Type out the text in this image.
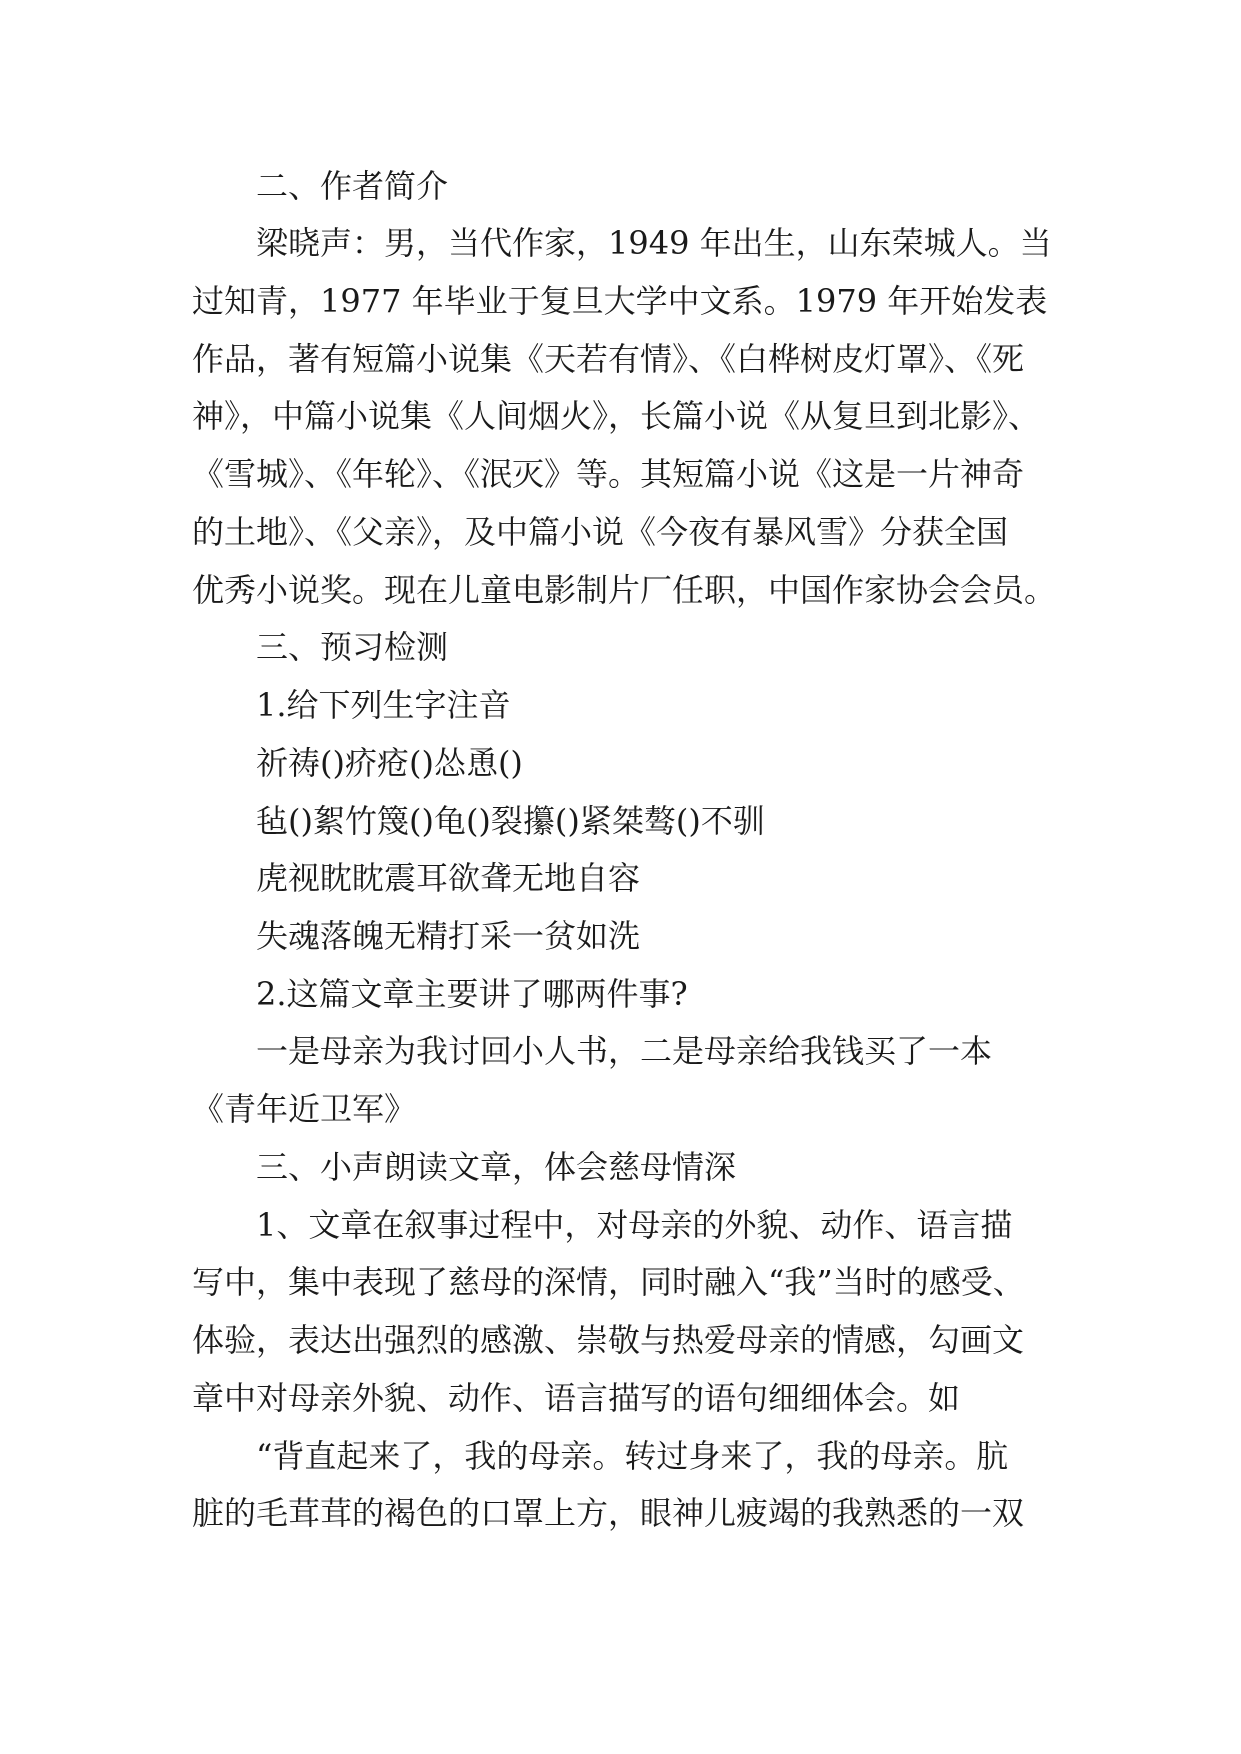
二、作者简介
梁晓声：男，当代作家，1949 年出生，山东荣城人。当
过知青，1977 年毕业于复旦大学中文系。1979 年开始发表
作品，著有短篇小说集《天若有情》、《白桦树皮灯罩》、《死
神》，中篇小说集《人间烟火》，长篇小说《从复旦到北影》、
《雪城》、《年轮》、《泯灭》等。其短篇小说《这是一片神奇
的土地》、《父亲》，及中篇小说《今夜有暴风雪》分获全国
优秀小说奖。现在儿童电影制片厂任职，中国作家协会会员。
三、预习检测
1.给下列生字注音
祈祷()疥疮()怂恿()
毡()絮竹篾()龟()裂攥()紧桀骜()不驯
虎视眈眈震耳欲聋无地自容
失魂落魄无精打采一贫如洗
2.这篇文章主要讲了哪两件事?
一是母亲为我讨回小人书，二是母亲给我钱买了一本
《青年近卫军》
三、小声朗读文章，体会慈母情深
1、文章在叙事过程中，对母亲的外貌、动作、语言描
写中，集中表现了慈母的深情，同时融入“我”当时的感受、
体验，表达出强烈的感激、崇敬与热爱母亲的情感，勾画文
章中对母亲外貌、动作、语言描写的语句细细体会。如
“背直起来了，我的母亲。转过身来了，我的母亲。肮
脏的毛茸茸的褐色的口罩上方，眼神儿疲竭的我熟悉的一双
